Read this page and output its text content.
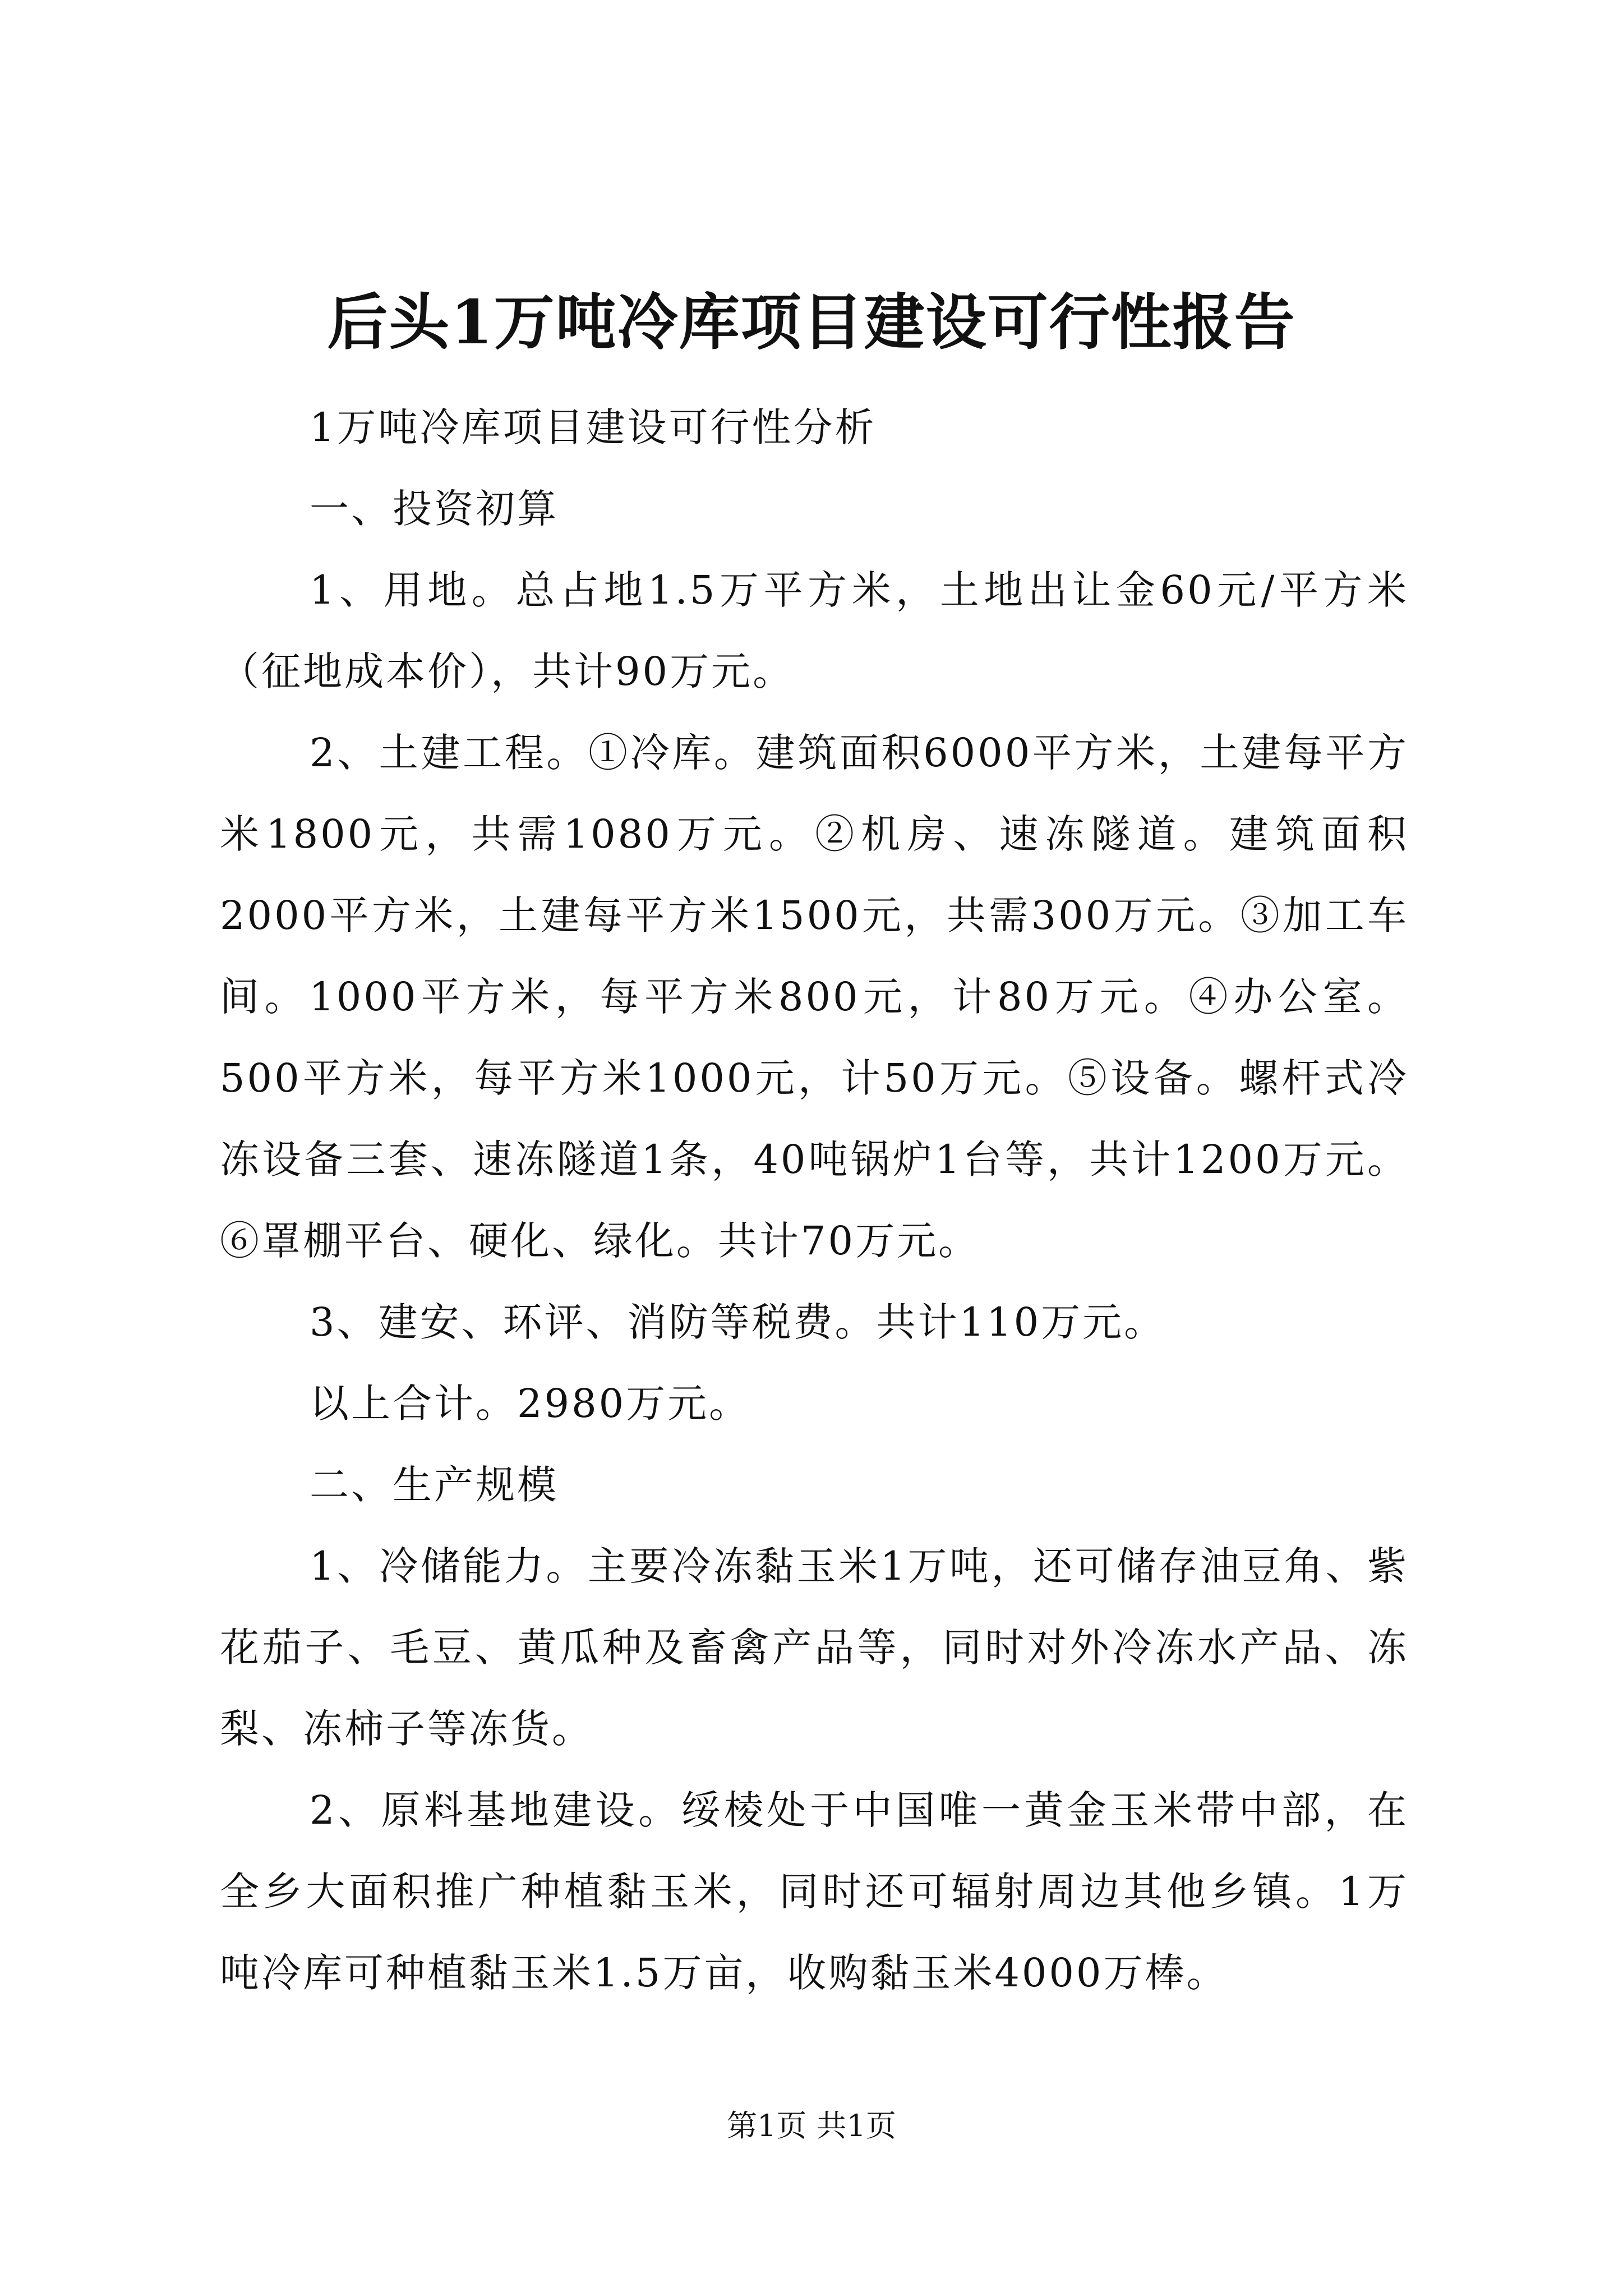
后头1万吨冷库项目建设可行性报告

1万吨冷库项目建设可行性分析

一、投资初算

1、用地。总占地1.5万平方米，土地出让金60元/平方米（征地成本价），共计90万元。

2、土建工程。①冷库。建筑面积6000平方米，土建每平方米1800元，共需1080万元。②机房、速冻隧道。建筑面积2000平方米，土建每平方米1500元，共需300万元。③加工车间。1000平方米，每平方米800元，计80万元。④办公室。500平方米，每平方米1000元，计50万元。⑤设备。螺杆式冷冻设备三套、速冻隧道1条，40吨锅炉1台等，共计1200万元。⑥罩棚平台、硬化、绿化。共计70万元。

3、建安、环评、消防等税费。共计110万元。

以上合计。2980万元。

二、生产规模

1、冷储能力。主要冷冻黏玉米1万吨，还可储存油豆角、紫花茄子、毛豆、黄瓜种及畜禽产品等，同时对外冷冻水产品、冻梨、冻柿子等冻货。

2、原料基地建设。绥棱处于中国唯一黄金玉米带中部，在全乡大面积推广种植黏玉米，同时还可辐射周边其他乡镇。1万吨冷库可种植黏玉米1.5万亩，收购黏玉米4000万棒。

第1页 共1页
